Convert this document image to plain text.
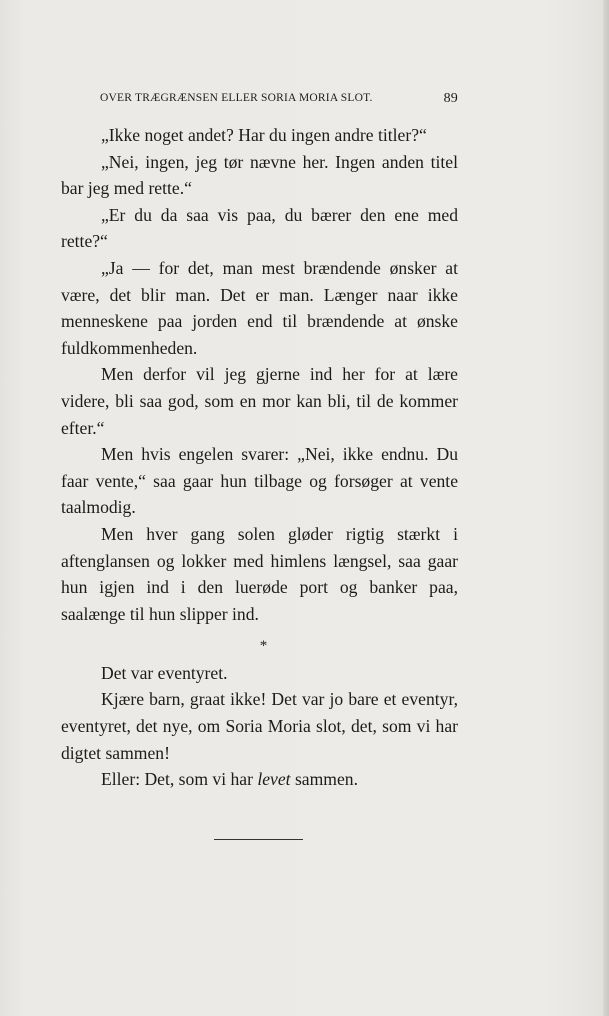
OVER TRÆGRÆNSEN ELLER SORIA MORIA SLOT.	89

„Ikke noget andet? Har du ingen andre titler?“

„Nei, ingen, jeg tør nævne her. Ingen anden titel bar jeg med rette.“

„Er du da saa vis paa, du bærer den ene med rette?“

„Ja — for det, man mest brændende ønsker at være, det blir man. Det er man. Længer naar ikke menneskene paa jorden end til brændende at ønske fuldkommenheden.

Men derfor vil jeg gjerne ind her for at lære videre, bli saa god, som en mor kan bli, til de kommer efter.“

Men hvis engelen svarer: „Nei, ikke endnu. Du faar vente,“ saa gaar hun tilbage og forsøger at vente taalmodig.

Men hver gang solen gløder rigtig stærkt i aftenglansen og lokker med himlens længsel, saa gaar hun igjen ind i den luerøde port og banker paa, saalænge til hun slipper ind.

*

Det var eventyret.

Kjære barn, graat ikke! Det var jo bare et eventyr, eventyret, det nye, om Soria Moria slot, det, som vi har digtet sammen!

Eller: Det, som vi har levet sammen.
